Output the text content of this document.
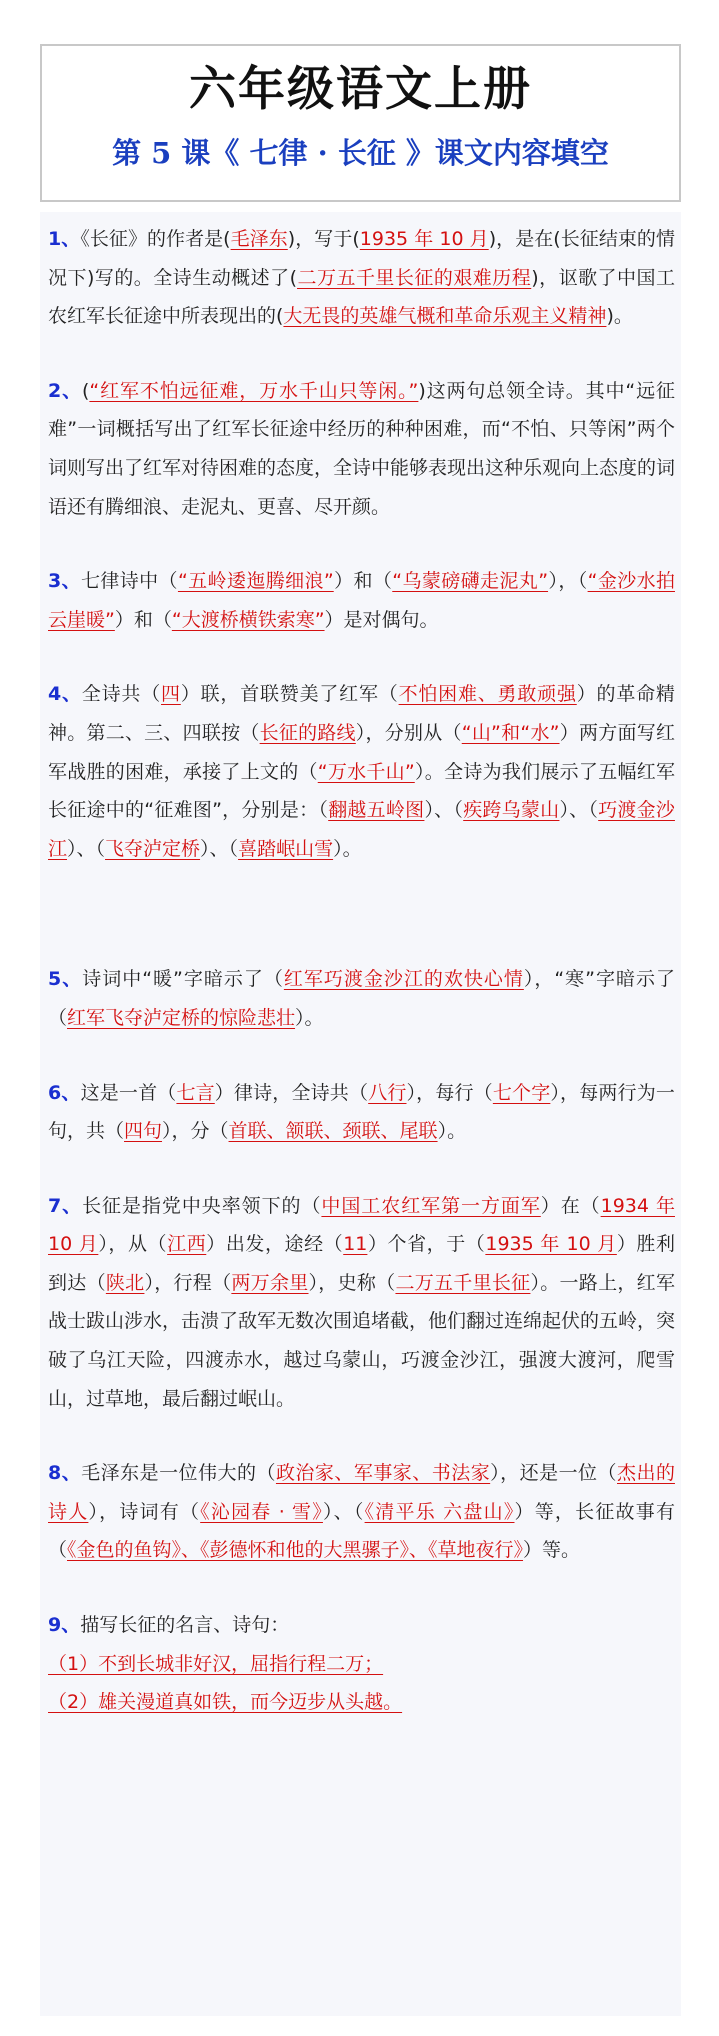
六年级语文上册
第 5 课《 七律 · 长征 》课文内容填空
1、《长征》的作者是(毛泽东)，写于(1935 年 10 月)，是在(长征结束的情况下)写的。全诗生动概述了(二万五千里长征的艰难历程)，讴歌了中国工农红军长征途中所表现出的(大无畏的英雄气概和革命乐观主义精神)。
2、(“红军不怕远征难，万水千山只等闲。”)这两句总领全诗。其中“远征难”一词概括写出了红军长征途中经历的种种困难，而“不怕、只等闲”两个词则写出了红军对待困难的态度，全诗中能够表现出这种乐观向上态度的词语还有腾细浪、走泥丸、更喜、尽开颜。
3、七律诗中（“五岭逶迤腾细浪”）和（“乌蒙磅礴走泥丸”），（“金沙水拍云崖暖”）和（“大渡桥横铁索寒”）是对偶句。
4、全诗共（四）联，首联赞美了红军（不怕困难、勇敢顽强）的革命精神。第二、三、四联按（长征的路线），分别从（“山”和“水”）两方面写红军战胜的困难，承接了上文的（“万水千山”）。全诗为我们展示了五幅红军长征途中的“征难图”，分别是：（翻越五岭图）、（疾跨乌蒙山）、（巧渡金沙江）、（飞夺泸定桥）、（喜踏岷山雪）。
5、诗词中“暖”字暗示了（红军巧渡金沙江的欢快心情），“寒”字暗示了（红军飞夺泸定桥的惊险悲壮）。
6、这是一首（七言）律诗，全诗共（八行），每行（七个字），每两行为一句，共（四句），分（首联、颔联、颈联、尾联）。
7、长征是指党中央率领下的（中国工农红军第一方面军）在（1934 年 10 月），从（江西）出发，途经（11）个省，于（1935 年 10 月）胜利到达（陕北），行程（两万余里），史称（二万五千里长征）。一路上，红军战士跋山涉水，击溃了敌军无数次围追堵截，他们翻过连绵起伏的五岭，突破了乌江天险，四渡赤水，越过乌蒙山，巧渡金沙江，强渡大渡河，爬雪山，过草地，最后翻过岷山。
8、毛泽东是一位伟大的（政治家、军事家、书法家），还是一位（杰出的诗人），诗词有（《沁园春 · 雪》）、（《清平乐 六盘山》）等，长征故事有（《金色的鱼钩》、《彭德怀和他的大黑骡子》、《草地夜行》）等。
9、描写长征的名言、诗句：
（1）不到长城非好汉，屈指行程二万；
（2）雄关漫道真如铁，而今迈步从头越。
